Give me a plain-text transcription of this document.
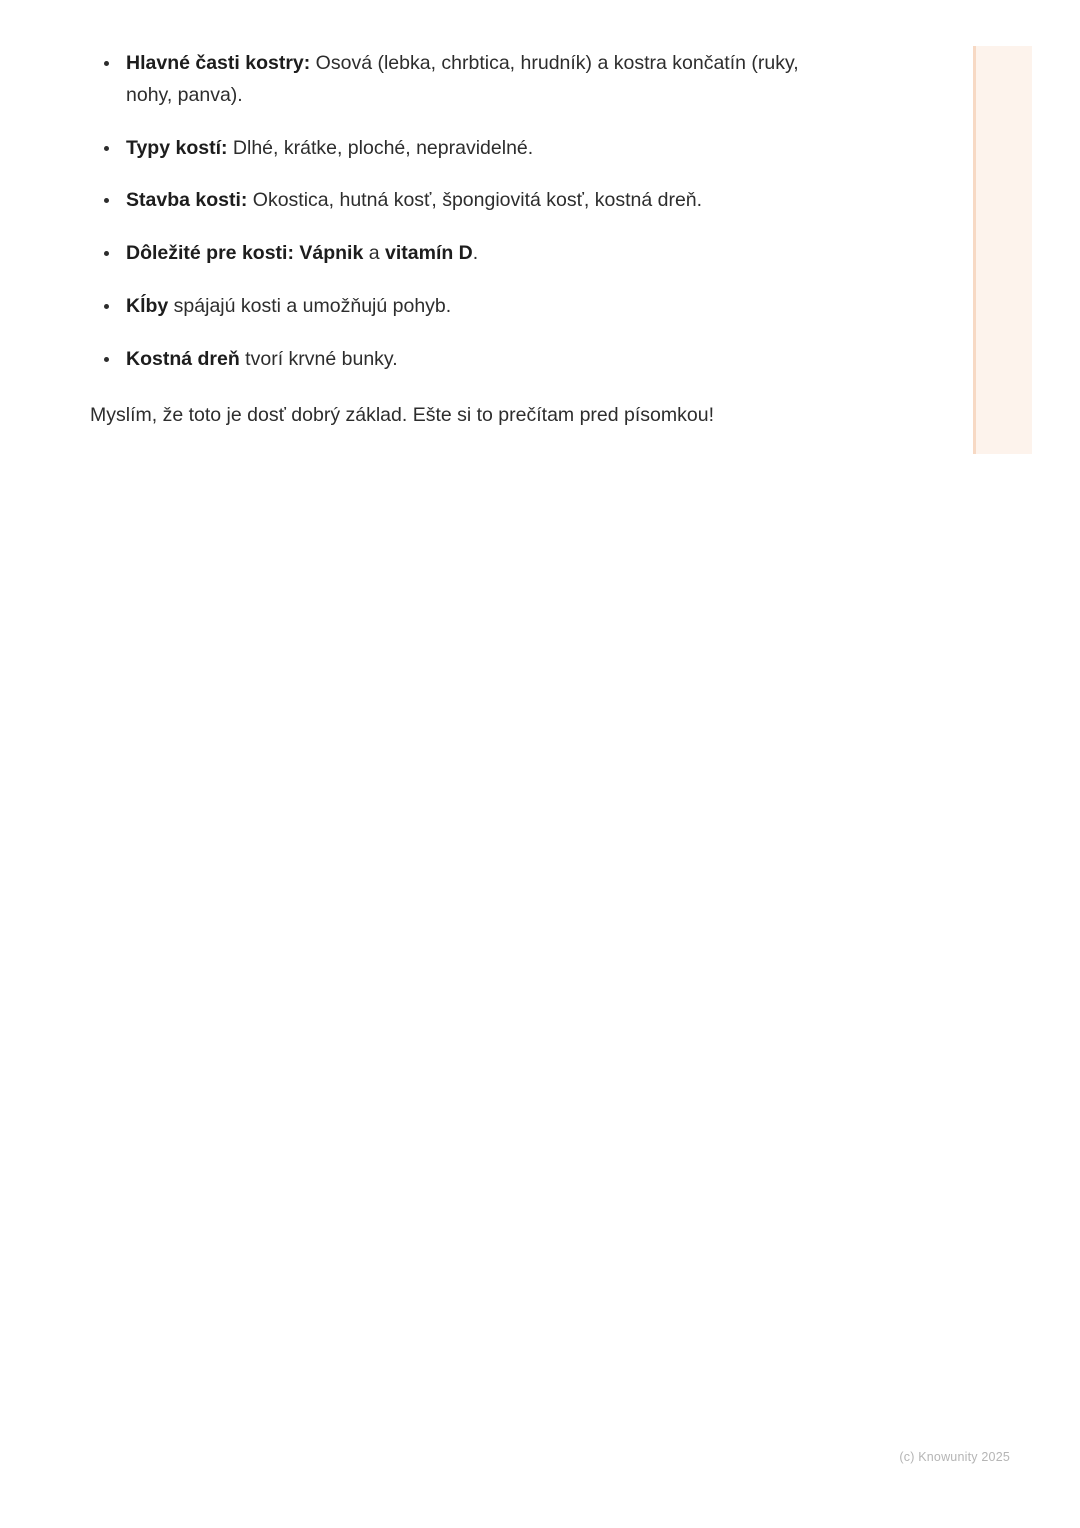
Hlavné časti kostry: Osová (lebka, chrbtica, hrudník) a kostra končatín (ruky, nohy, panva).
Typy kostí: Dlhé, krátke, ploché, nepravidelné.
Stavba kosti: Okostica, hutná kosť, špongiovitá kosť, kostná dreň.
Dôležité pre kosti: Vápnik a vitamín D.
Kĺby spájajú kosti a umožňujú pohyb.
Kostná dreň tvorí krvné bunky.

Myslím, že toto je dosť dobrý základ. Ešte si to prečítam pred písomkou!

(c) Knowunity 2025
